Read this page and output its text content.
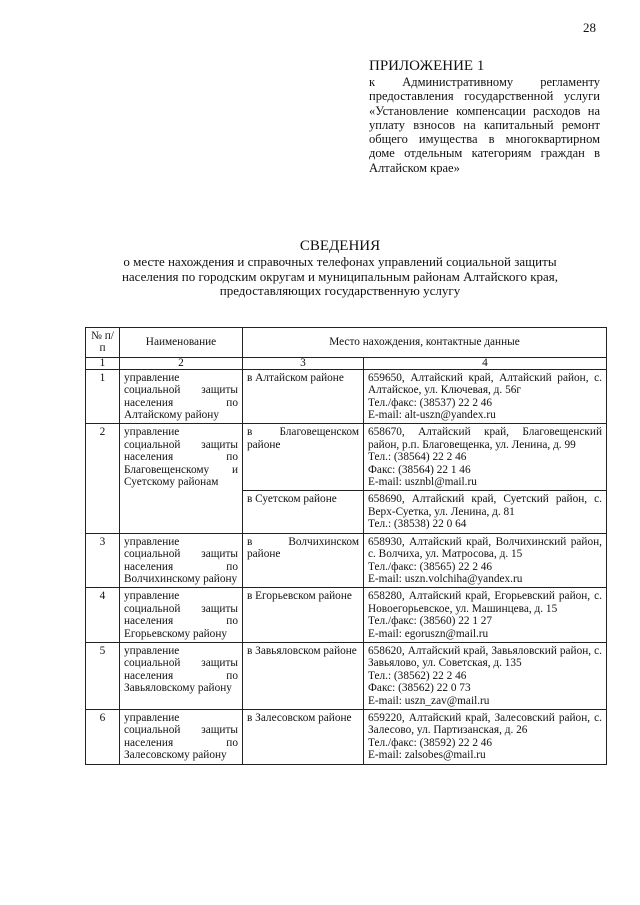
28
ПРИЛОЖЕНИЕ 1
к Административному регламенту предоставления государственной услуги «Установление компенсации расходов на уплату взносов на капитальный ремонт общего имущества в многоквартирном доме отдельным категориям граждан в Алтайском крае»
СВЕДЕНИЯ
о месте нахождения и справочных телефонах управлений социальной защиты населения по городским округам и муниципальным районам Алтайского края, предоставляющих государственную услугу
№ п/п	Наименование	Место нахождения, контактные данные	
1	2	3	4
1	управление социальной защиты населения по Алтайскому району	в Алтайском районе	659650, Алтайский край, Алтайский район, с. Алтайское, ул. Ключевая, д. 56г
Тел./факс: (38537) 22 2 46
E-mail: alt-uszn@yandex.ru

2	управление социальной защиты населения по Благовещенскому и Суетскому районам	в Благовещенском районе	658670, Алтайский край, Благовещенский район, р.п. Благовещенка, ул. Ленина, д. 99
Тел.: (38564) 22 2 46
Факс: (38564) 22 1 46
E-mail: usznbl@mail.ru

		в Суетском районе	658690, Алтайский край, Суетский район, с. Верх-Суетка, ул. Ленина, д. 81
Тел.: (38538) 22 0 64

3	управление социальной защиты населения по Волчихинскому району	в Волчихинском районе	658930, Алтайский край, Волчихинский район, с. Волчиха, ул. Матросова, д. 15
Тел./факс: (38565) 22 2 46
E-mail: uszn.volchiha@yandex.ru

4	управление социальной защиты населения по Егорьевскому району	в Егорьевском районе	658280, Алтайский край, Егорьевский район, с. Новоегорьевское, ул. Машинцева, д. 15
Тел./факс: (38560) 22 1 27
E-mail: egoruszn@mail.ru

5	управление социальной защиты населения по Завьяловскому району	в Завьяловском районе	658620, Алтайский край, Завьяловский район, с. Завьялово, ул. Советская, д. 135
Тел.: (38562) 22 2 46
Факс: (38562) 22 0 73
E-mail: uszn_zav@mail.ru

6	управление социальной защиты населения по Залесовскому району	в Залесовском районе	659220, Алтайский край, Залесовский район, с. Залесово, ул. Партизанская, д. 26
Тел./факс: (38592) 22 2 46
E-mail: zalsobes@mail.ru
